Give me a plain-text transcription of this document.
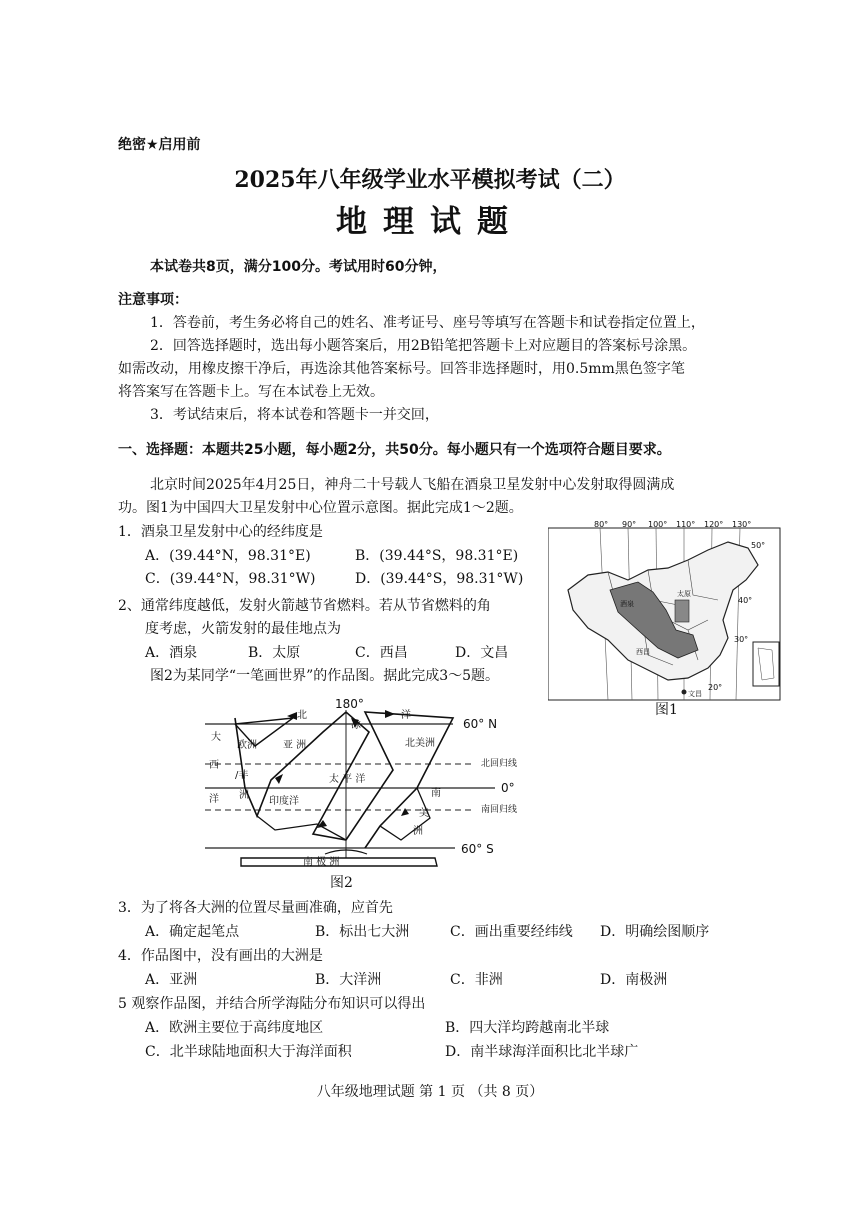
绝密★启用前
2025年八年级学业水平模拟考试（二）
地理试题
本试卷共8页，满分100分。考试用时60分钟，
注意事项：
1．答卷前，考生务必将自己的姓名、准考证号、座号等填写在答题卡和试卷指定位置上，
2．回答选择题时，选出每小题答案后，用2B铅笔把答题卡上对应题目的答案标号涂黑。
如需改动，用橡皮擦干净后，再选涂其他答案标号。回答非选择题时，用0.5mm黑色签字笔
将答案写在答题卡上。写在本试卷上无效。
3．考试结束后，将本试卷和答题卡一并交回，
一、选择题：本题共25小题，每小题2分，共50分。每小题只有一个选项符合题目要求。
北京时间2025年4月25日，神舟二十号载人飞船在酒泉卫星发射中心发射取得圆满成
功。图1为中国四大卫星发射中心位置示意图。据此完成1～2题。
1．酒泉卫星发射中心的经纬度是
A．(39.44°N，98.31°E)	B．(39.44°S，98.31°E)
C．(39.44°N，98.31°W)	D．(39.44°S，98.31°W)
2、通常纬度越低，发射火箭越节省燃料。若从节省燃料的角
度考虑，火箭发射的最佳地点为
A．酒泉	B．太原	C．西昌	D．文昌
图2为某同学“一笔画世界”的作品图。据此完成3～5题。
80° 90° 100° 110° 120° 130°
50°
40°
30°
20°
酒泉
太原
西昌
文昌
图1
180°
60° N
0°
60° S
北回归线
南回归线
北
冰
洋
欧洲	亚 洲
/非
洲
印度洋
太 平 洋
北美洲
南
美
洲
大
西
洋
南 极 洲
图2
3．为了将各大洲的位置尽量画准确，应首先
A．确定起笔点	B．标出七大洲	C．画出重要经纬线 D．明确绘图顺序
4．作品图中，没有画出的大洲是
A．亚洲	B．大洋洲	C．非洲	D．南极洲
5 观察作品图，并结合所学海陆分布知识可以得出
A．欧洲主要位于高纬度地区	B．四大洋均跨越南北半球
C．北半球陆地面积大于海洋面积	D．南半球海洋面积比北半球广
八年级地理试题 第 1 页 （共 8 页）
